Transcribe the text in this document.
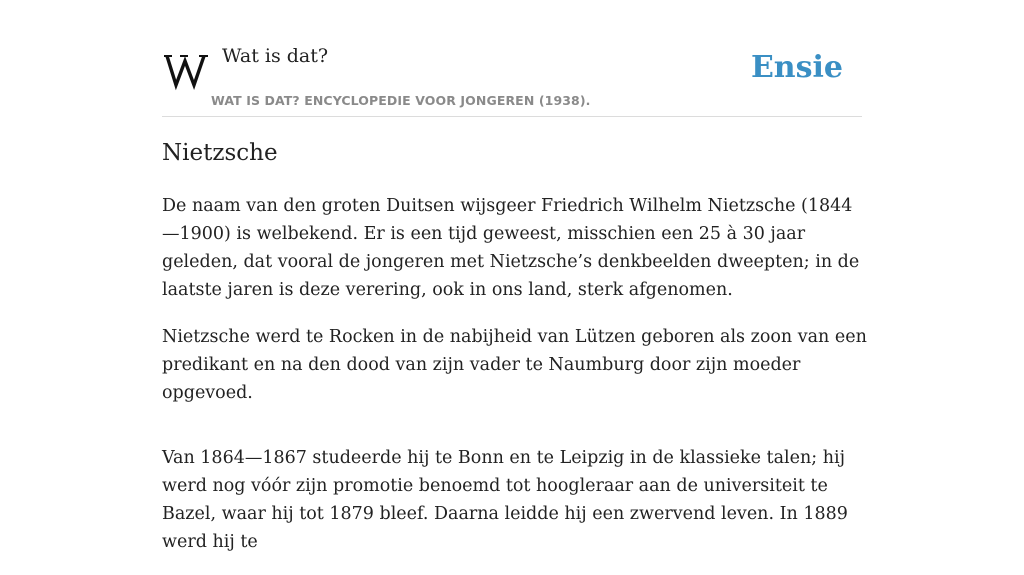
Wat is dat?
WAT IS DAT? ENCYCLOPEDIE VOOR JONGEREN (1938).
Ensie
Nietzsche

De naam van den groten Duitsen wijsgeer Friedrich Wilhelm Nietzsche (1844—1900) is welbekend. Er is een tijd geweest, misschien een 25 à 30 jaar geleden, dat vooral de jongeren met Nietzsche’s denkbeelden dweepten; in de laatste jaren is deze verering, ook in ons land, sterk afgenomen.

Nietzsche werd te Rocken in de nabijheid van Lützen geboren als zoon van een predikant en na den dood van zijn vader te Naumburg door zijn moeder opgevoed.

Van 1864—1867 studeerde hij te Bonn en te Leipzig in de klassieke talen; hij werd nog vóór zijn promotie benoemd tot hoogleraar aan de universiteit te Bazel, waar hij tot 1879 bleef. Daarna leidde hij een zwervend leven. In 1889 werd hij te
